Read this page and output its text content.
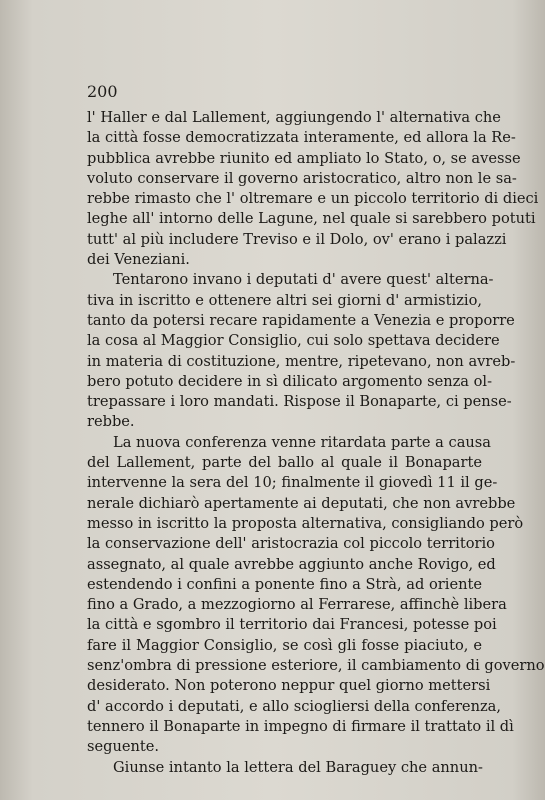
200
l' Haller e dal Lallement, aggiungendo l' alternativa che
la città fosse democratizzata interamente, ed allora la Re-
pubblica avrebbe riunito ed ampliato lo Stato, o, se avesse
voluto conservare il governo aristocratico, altro non le sa-
rebbe rimasto che l' oltremare e un piccolo territorio di dieci
leghe all' intorno delle Lagune, nel quale si sarebbero potuti
tutt' al più includere Treviso e il Dolo, ov' erano i palazzi
dei Veneziani.
Tentarono invano i deputati d' avere quest' alterna-
tiva in iscritto e ottenere altri sei giorni d' armistizio,
tanto da potersi recare rapidamente a Venezia e proporre
la cosa al Maggior Consiglio, cui solo spettava decidere
in materia di costituzione, mentre, ripetevano, non avreb-
bero potuto decidere in sì dilicato argomento senza ol-
trepassare i loro mandati. Rispose il Bonaparte, ci pense-
rebbe.
La nuova conferenza venne ritardata parte a causa
del Lallement, parte del ballo al quale il Bonaparte
intervenne la sera del 10; finalmente il giovedì 11 il ge-
nerale dichiarò apertamente ai deputati, che non avrebbe
messo in iscritto la proposta alternativa, consigliando però
la conservazione dell' aristocrazia col piccolo territorio
assegnato, al quale avrebbe aggiunto anche Rovigo, ed
estendendo i confini a ponente fino a Strà, ad oriente
fino a Grado, a mezzogiorno al Ferrarese, affinchè libera
la città e sgombro il territorio dai Francesi, potesse poi
fare il Maggior Consiglio, se così gli fosse piaciuto, e
senz'ombra di pressione esteriore, il cambiamento di governo
desiderato. Non poterono neppur quel giorno mettersi
d' accordo i deputati, e allo sciogliersi della conferenza,
tennero il Bonaparte in impegno di firmare il trattato il dì
seguente.
Giunse intanto la lettera del Baraguey che annun-
